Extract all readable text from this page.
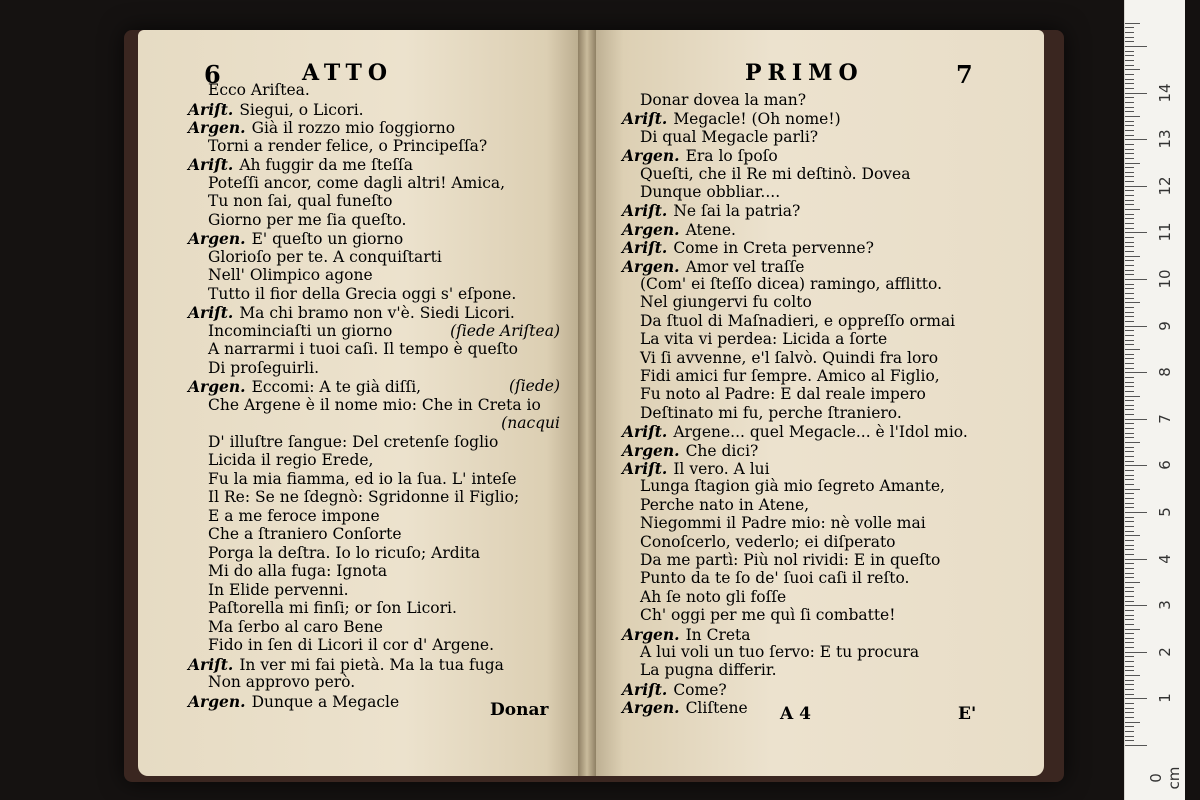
6	ATTO
Ecco Ariſtea.
Ariſt. Siegui, o Licori.
Argen. Già il rozzo mio ſoggiorno
Torni a render felice, o Principeſſa?
Ariſt. Ah fuggir da me ſteſſa
Poteſſi ancor, come dagli altri! Amica,
Tu non ſai, qual funeſto
Giorno per me ſia queſto.
Argen. E' queſto un giorno
Glorioſo per te. A conquiſtarti
Nell' Olimpico agone
Tutto il fior della Grecia oggi s' eſpone.
Ariſt. Ma chi bramo non v'è. Siedi Licori.
Incominciaſti un giorno	(ſiede Ariſtea)
A narrarmi i tuoi caſi. Il tempo è queſto
Di proſeguirli.
Argen. Eccomi: A te già diſſi,	(ſiede)
Che Argene è il nome mio: Che in Creta io
(nacqui
D' illuſtre ſangue: Del cretenſe ſoglio
Licida il regio Erede,
Fu la mia fiamma, ed io la ſua. L' inteſe
Il Re: Se ne ſdegnò: Sgridonne il Figlio;
E a me feroce impone
Che a ſtraniero Conſorte
Porga la deſtra. Io lo ricuſo; Ardita
Mi do alla fuga: Ignota
In Elide pervenni.
Paſtorella mi finſi; or ſon Licori.
Ma ſerbo al caro Bene
Fido in ſen di Licori il cor d' Argene.
Ariſt. In ver mi fai pietà. Ma la tua fuga
Non approvo però.
Argen. Dunque a Megacle	Donar
PRIMO	7
Donar dovea la man?
Ariſt. Megacle! (Oh nome!)
Di qual Megacle parli?
Argen. Era lo ſpoſo
Queſti, che il Re mi deſtinò. Dovea
Dunque obbliar....
Ariſt. Ne ſai la patria?
Argen. Atene.
Ariſt. Come in Creta pervenne?
Argen. Amor vel traſſe
(Com' ei ſteſſo dicea) ramingo, afflitto.
Nel giungervi fu colto
Da ſtuol di Maſnadieri, e oppreſſo ormai
La vita vi perdea: Licida a ſorte
Vi ſi avvenne, e'l ſalvò. Quindi fra loro
Fidi amici fur ſempre. Amico al Figlio,
Fu noto al Padre: E dal reale impero
Deſtinato mi fu, perche ſtraniero.
Ariſt. Argene... quel Megacle... è l'Idol mio.
Argen. Che dici?
Ariſt. Il vero. A lui
Lunga ſtagion già mio ſegreto Amante,
Perche nato in Atene,
Niegommi il Padre mio: nè volle mai
Conoſcerlo, vederlo; ei diſperato
Da me partì: Più nol rividi: E in queſto
Punto da te ſo de' ſuoi caſi il reſto.
Ah ſe noto gli foſſe
Ch' oggi per me quì ſi combatte!
Argen. In Creta
A lui voli un tuo ſervo: E tu procura
La pugna differir.
Ariſt. Come?
Argen. Cliſtene A 4	E'
1
2
3
4
5
6
7
8
9
10
11
12
13
14
0 cm
